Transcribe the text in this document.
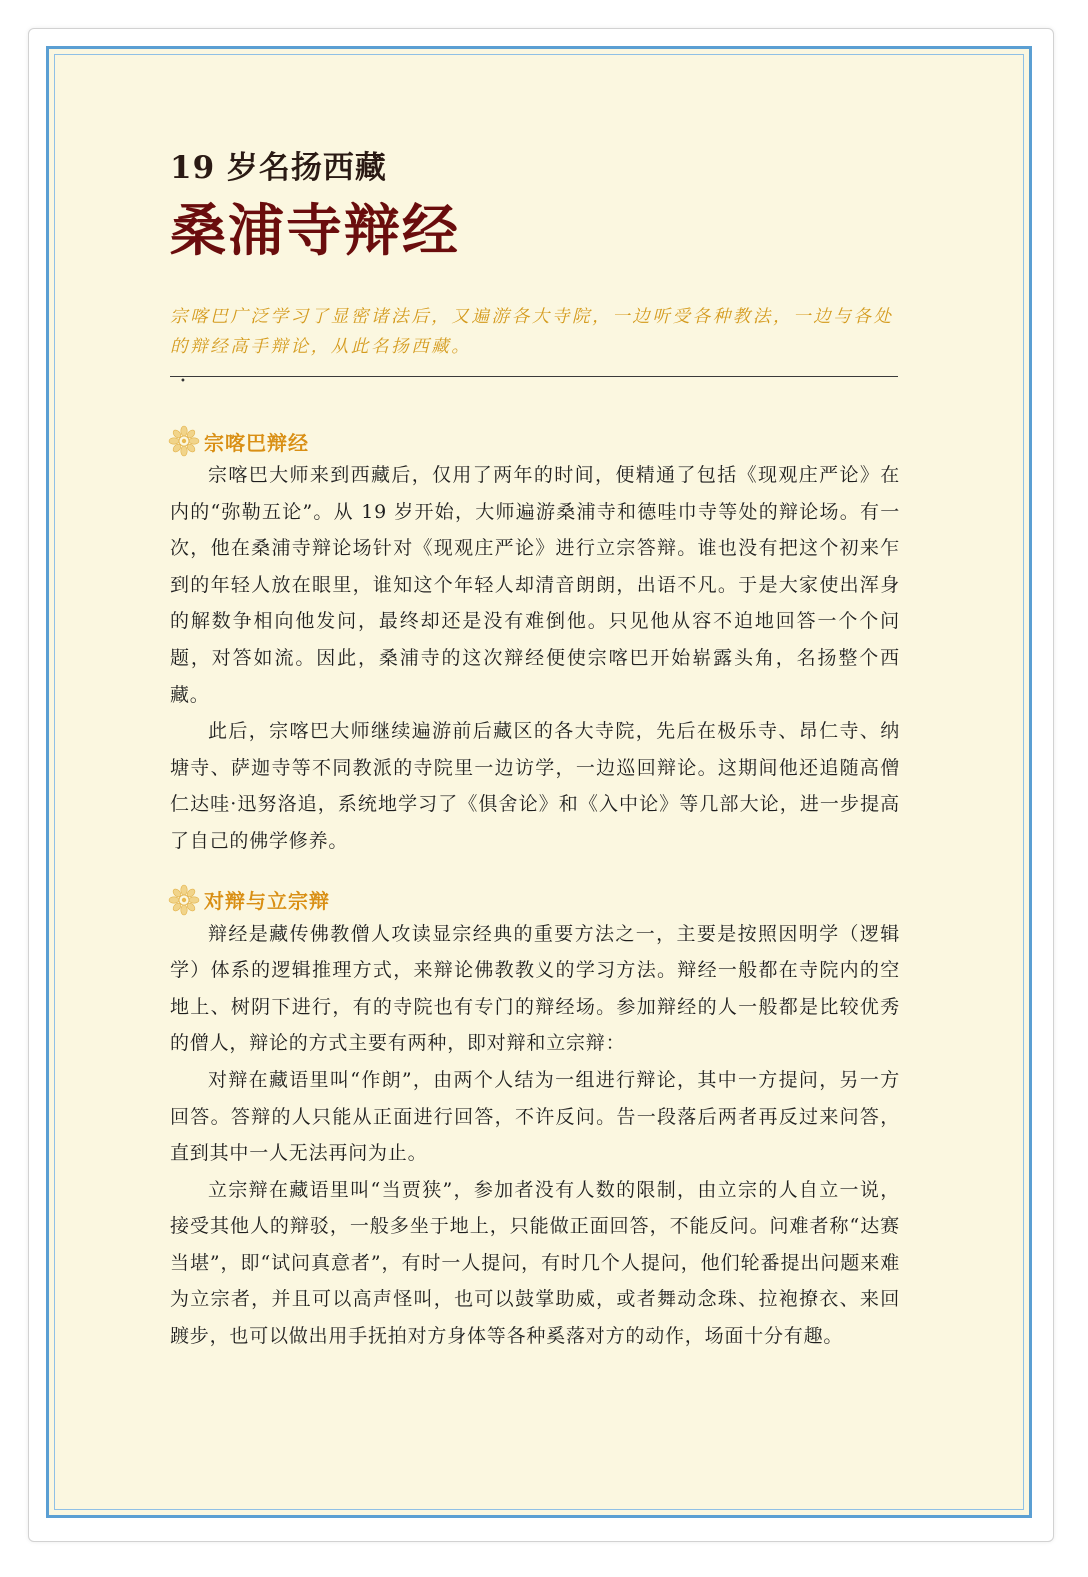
19 岁名扬西藏
桑浦寺辩经
宗喀巴广泛学习了显密诸法后，又遍游各大寺院，一边听受各种教法，一边与各处的辩经高手辩论，从此名扬西藏。
•
宗喀巴辩经

宗喀巴大师来到西藏后，仅用了两年的时间，便精通了包括《现观庄严论》在内的“弥勒五论”。从 19 岁开始，大师遍游桑浦寺和德哇巾寺等处的辩论场。有一次，他在桑浦寺辩论场针对《现观庄严论》进行立宗答辩。谁也没有把这个初来乍到的年轻人放在眼里，谁知这个年轻人却清音朗朗，出语不凡。于是大家使出浑身的解数争相向他发问，最终却还是没有难倒他。只见他从容不迫地回答一个个问题，对答如流。因此，桑浦寺的这次辩经便使宗喀巴开始崭露头角，名扬整个西藏。

此后，宗喀巴大师继续遍游前后藏区的各大寺院，先后在极乐寺、昂仁寺、纳塘寺、萨迦寺等不同教派的寺院里一边访学，一边巡回辩论。这期间他还追随高僧仁达哇·迅努洛追，系统地学习了《俱舍论》和《入中论》等几部大论，进一步提高了自己的佛学修养。

对辩与立宗辩

辩经是藏传佛教僧人攻读显宗经典的重要方法之一，主要是按照因明学（逻辑学）体系的逻辑推理方式，来辩论佛教教义的学习方法。辩经一般都在寺院内的空地上、树阴下进行，有的寺院也有专门的辩经场。参加辩经的人一般都是比较优秀的僧人，辩论的方式主要有两种，即对辩和立宗辩：

对辩在藏语里叫“作朗”，由两个人结为一组进行辩论，其中一方提问，另一方回答。答辩的人只能从正面进行回答，不许反问。告一段落后两者再反过来问答，直到其中一人无法再问为止。

立宗辩在藏语里叫“当贾狭”，参加者没有人数的限制，由立宗的人自立一说，接受其他人的辩驳，一般多坐于地上，只能做正面回答，不能反问。问难者称“达赛当堪”，即“试问真意者”，有时一人提问，有时几个人提问，他们轮番提出问题来难为立宗者，并且可以高声怪叫，也可以鼓掌助威，或者舞动念珠、拉袍撩衣、来回踱步，也可以做出用手抚拍对方身体等各种奚落对方的动作，场面十分有趣。
